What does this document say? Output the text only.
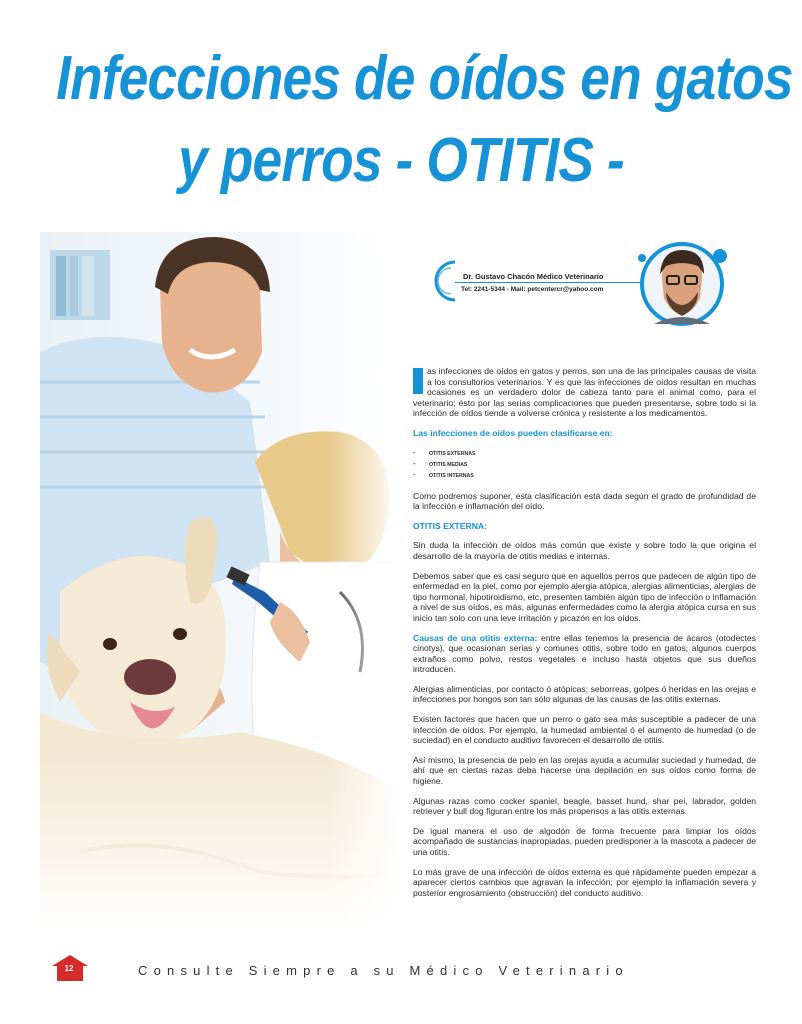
Infecciones de oídos en gatos
y perros - OTITIS -
Dr. Gustavo Chacón Médico Veterinario
Tel: 2241-5344 - Mail: petcentercr@yahoo.com

as infecciones de oídos en gatos y perros, son una de las principales causas de visita a los consultorios veterinarios. Y es que las infecciones de oídos resultan en muchas ocasiones es un verdadero dolor de cabeza tanto para el animal como, para el veterinario; ésto por las serias complicaciones que pueden presentarse, sobre todo si la infección de oídos tiende a volverse crónica y resistente a los medicamentos.

Las infecciones de oídos pueden clasificarse en:

-	OTITIS EXTERNAS
-	OTITIS MEDIAS
-	OTITIS INTERNAS

Como podremos suponer, esta clasificación está dada según el grado de profundidad de la infección e inflamación del oído.

OTITIS EXTERNA:

Sin duda la infección de oídos más común que existe y sobre todo la que origina el desarrollo de la mayoría de otitis medias e internas.

Debemos saber que es casi seguro que en aquellos perros que padecen de algún tipo de enfermedad en la piel, como por ejemplo alergia atópica, alergias alimenticias, alergias de tipo hormonal, hipotiroidismo, etc, presenten también algún tipo de infección o inflamación a nivel de sus oídos, es más, algunas enfermedades como la alergia atópica cursa en sus inicio tan solo con una leve irritación y picazón en los oídos.

Causas de una otitis externa: entre ellas tenemos la presencia de ácaros (otodectes cinotys), que ocasionan serias y comunes otitis, sobre todo en gatos; algunos cuerpos extraños como polvo, restos vegetales e incluso hasta objetos que sus dueños introducen.

Alergias alimenticias, por contacto ó atópicas; seborreas, golpes ó heridas en las orejas e infecciones por hongos son tan sólo algunas de las causas de las otitis externas.

Existen factores que hacen que un perro o gato sea más susceptible a padecer de una infección de oídos. Por ejemplo, la humedad ambiental ó el aumento de humedad (o de suciedad) en el conducto auditivo favorecen el desarrollo de otitis.

Así mismo, la presencia de pelo en las orejas ayuda a acumular suciedad y humedad, de ahí que en ciertas razas deba hacerse una depilación en sus oídos como forma de higiene.

Algunas razas como cocker spaniel, beagle, basset hund, shar pei, labrador, golden retriever y bull dog figuran entre los más propensos a las otitis externas.

De igual manera el uso de algodón de forma frecuente para limpiar los oídos acompañado de sustancias inapropiadas, pueden predisponer a la mascota a padecer de una otitis.

Lo más grave de una infección de oídos externa es que rápidamente pueden empezar a aparecer ciertos cambios que agravan la infección; por ejemplo la inflamación severa y posterior engrosamiento (obstrucción) del conducto auditivo.

12	Consulte Siempre a su Médico Veterinario
